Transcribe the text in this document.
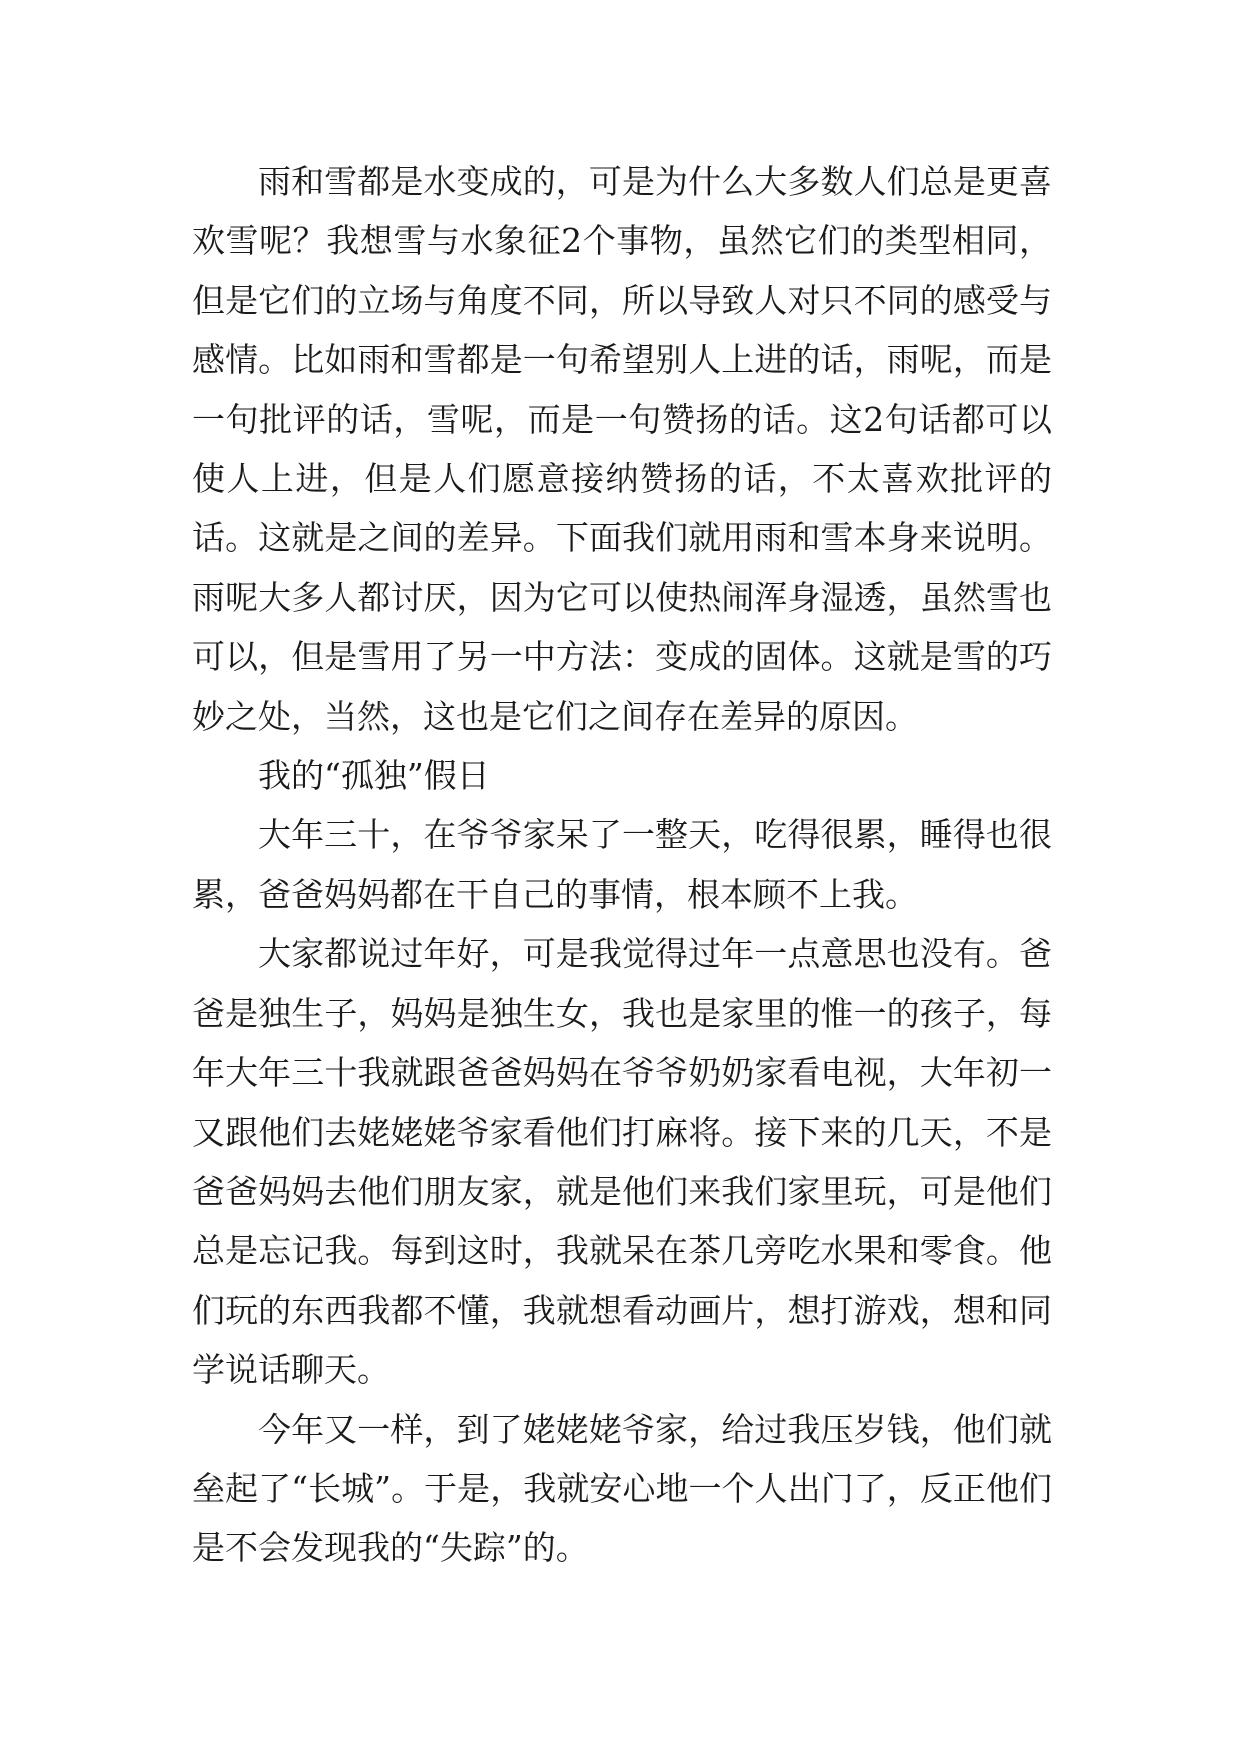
雨和雪都是水变成的，可是为什么大多数人们总是更喜欢雪呢？我想雪与水象征2个事物，虽然它们的类型相同，但是它们的立场与角度不同，所以导致人对只不同的感受与感情。比如雨和雪都是一句希望别人上进的话，雨呢，而是一句批评的话，雪呢，而是一句赞扬的话。这2句话都可以使人上进，但是人们愿意接纳赞扬的话，不太喜欢批评的话。这就是之间的差异。下面我们就用雨和雪本身来说明。雨呢大多人都讨厌，因为它可以使热闹浑身湿透，虽然雪也可以，但是雪用了另一中方法：变成的固体。这就是雪的巧妙之处，当然，这也是它们之间存在差异的原因。

我的“孤独”假日

大年三十，在爷爷家呆了一整天，吃得很累，睡得也很累，爸爸妈妈都在干自己的事情，根本顾不上我。

大家都说过年好，可是我觉得过年一点意思也没有。爸爸是独生子，妈妈是独生女，我也是家里的惟一的孩子，每年大年三十我就跟爸爸妈妈在爷爷奶奶家看电视，大年初一又跟他们去姥姥姥爷家看他们打麻将。接下来的几天，不是爸爸妈妈去他们朋友家，就是他们来我们家里玩，可是他们总是忘记我。每到这时，我就呆在茶几旁吃水果和零食。他们玩的东西我都不懂，我就想看动画片，想打游戏，想和同学说话聊天。

今年又一样，到了姥姥姥爷家，给过我压岁钱，他们就垒起了“长城”。于是，我就安心地一个人出门了，反正他们是不会发现我的“失踪”的。
